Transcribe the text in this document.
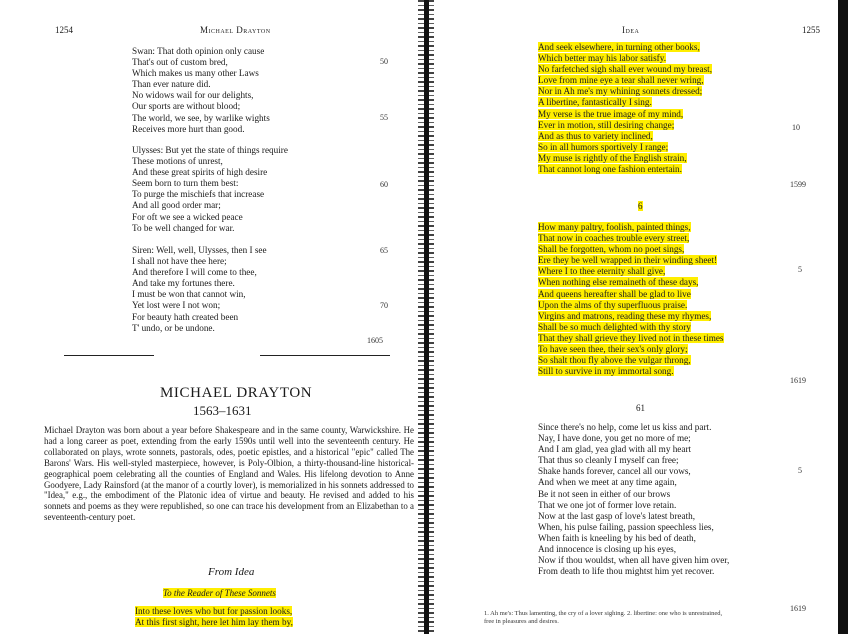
1254	Michael Drayton
Swan: That doth opinion only cause
That's out of custom bred,
Which makes us many other Laws
Than ever nature did.
No widows wail for our delights,
Our sports are without blood;
The world, we see, by warlike wights
Receives more hurt than good.
Ulysses: But yet the state of things require
These motions of unrest,
And these great spirits of high desire
Seem born to turn them best:
To purge the mischiefs that increase
And all good order mar;
For oft we see a wicked peace
To be well changed for war.
Siren: Well, well, Ulysses, then I see
I shall not have thee here;
And therefore I will come to thee,
And take my fortunes there.
I must be won that cannot win,
Yet lost were I not won;
For beauty hath created been
T' undo, or be undone.
50
55
60
65
70
1605
MICHAEL DRAYTON
1563–1631
Michael Drayton was born about a year before Shakespeare and in the same county, Warwickshire. He had a long career as poet, extending from the early 1590s until well into the seventeenth century. He collaborated on plays, wrote sonnets, pastorals, odes, poetic epistles, and a historical "epic" called The Barons' Wars. His well-styled masterpiece, however, is Poly-Olbion, a thirty-thousand-line historical-geographical poem celebrating all the counties of England and Wales. His lifelong devotion to Anne Goodyere, Lady Rainsford (at the manor of a courtly lover), is memorialized in his sonnets addressed to "Idea," e.g., the embodiment of the Platonic idea of virtue and beauty. He revised and added to his sonnets and poems as they were republished, so one can trace his development from an Elizabethan to a seventeenth-century poet.
From Idea
To the Reader of These Sonnets
Into these loves who but for passion looks,
At this first sight, here let him lay them by,
Idea	1255
And seek elsewhere, in turning other books,
Which better may his labor satisfy.
No farfetched sigh shall ever wound my breast,
Love from mine eye a tear shall never wring,
Nor in Ah me's my whining sonnets dressed;
A libertine, fantastically I sing.
My verse is the true image of my mind,
Ever in motion, still desiring change;
And as thus to variety inclined,
So in all humors sportively I range;
My muse is rightly of the English strain,
That cannot long one fashion entertain.
10
1599
6
How many paltry, foolish, painted things,
That now in coaches trouble every street,
Shall be forgotten, whom no poet sings,
Ere they be well wrapped in their winding sheet!
Where I to thee eternity shall give,
When nothing else remaineth of these days,
And queens hereafter shall be glad to live
Upon the alms of thy superfluous praise.
Virgins and matrons, reading these my rhymes,
Shall be so much delighted with thy story
That they shall grieve they lived not in these times
To have seen thee, their sex's only glory;
So shalt thou fly above the vulgar throng,
Still to survive in my immortal song.
5
1619
61
Since there's no help, come let us kiss and part.
Nay, I have done, you get no more of me;
And I am glad, yea glad with all my heart
That thus so cleanly I myself can free;
Shake hands forever, cancel all our vows,
And when we meet at any time again,
Be it not seen in either of our brows
That we one jot of former love retain.
Now at the last gasp of love's latest breath,
When, his pulse failing, passion speechless lies,
When faith is kneeling by his bed of death,
And innocence is closing up his eyes,
Now if thou wouldst, when all have given him over,
From death to life thou mightst him yet recover.
5
1619
1. Ah me's: Thus lamenting, the cry of a lover sighing. 2. libertine: one who is unrestrained, free in pleasures and desires.
